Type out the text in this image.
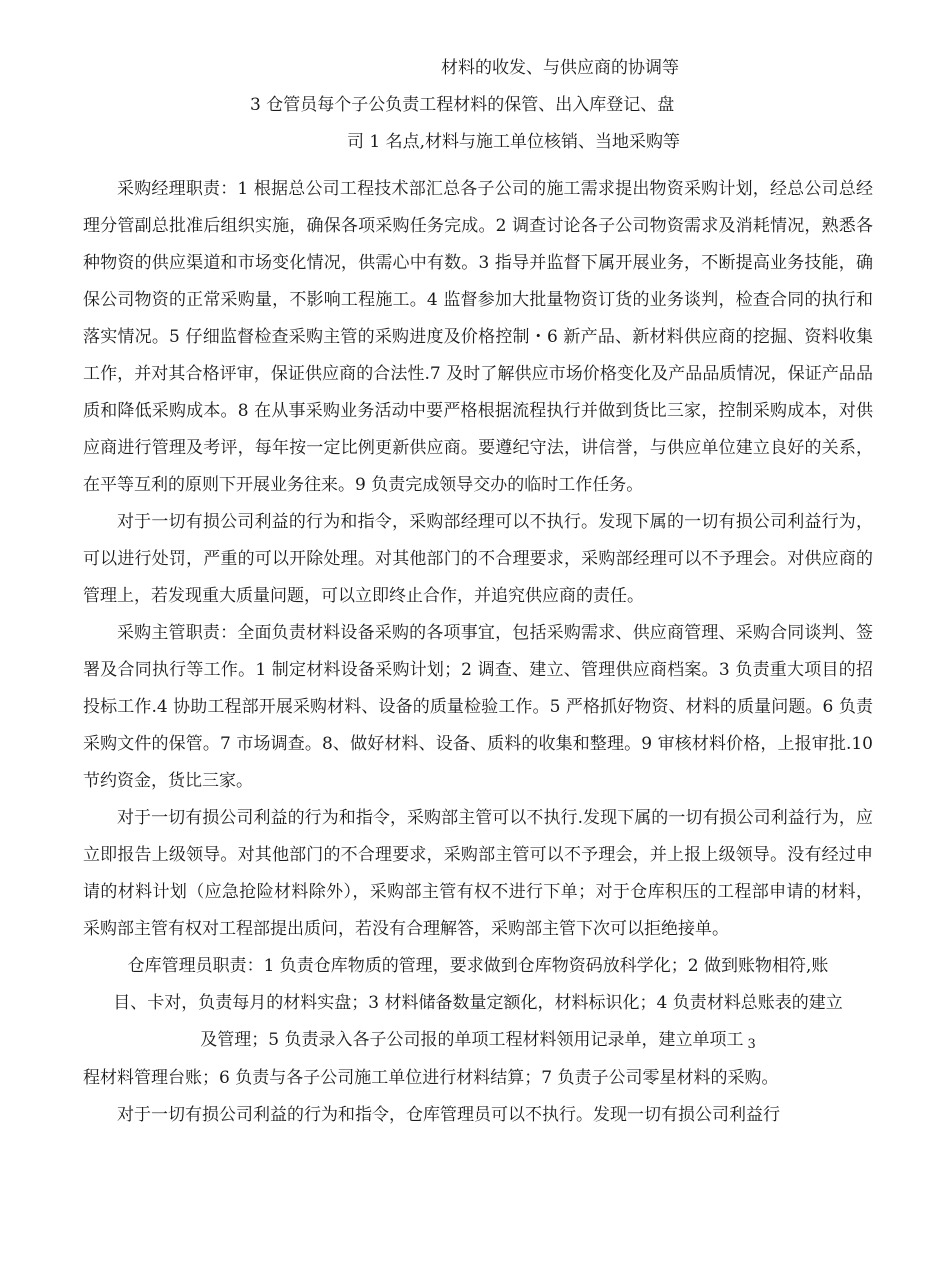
材料的收发、与供应商的协调等
3 仓管员每个子公负责工程材料的保管、出入库登记、盘
司 1 名点,材料与施工单位核销、当地采购等

采购经理职责：1 根据总公司工程技术部汇总各子公司的施工需求提出物资采购计划，经总公司总经理分管副总批准后组织实施，确保各项采购任务完成。2 调查讨论各子公司物资需求及消耗情况，熟悉各种物资的供应渠道和市场变化情况，供需心中有数。3 指导并监督下属开展业务，不断提高业务技能，确保公司物资的正常采购量，不影响工程施工。4 监督参加大批量物资订货的业务谈判，检查合同的执行和落实情况。5 仔细监督检查采购主管的采购进度及价格控制・6 新产品、新材料供应商的挖掘、资料收集工作，并对其合格评审，保证供应商的合法性.7 及时了解供应市场价格变化及产品品质情况，保证产品品质和降低采购成本。8 在从事采购业务活动中要严格根据流程执行并做到货比三家，控制采购成本，对供应商进行管理及考评，每年按一定比例更新供应商。要遵纪守法，讲信誉，与供应单位建立良好的关系，在平等互利的原则下开展业务往来。9 负责完成领导交办的临时工作任务。

对于一切有损公司利益的行为和指令，采购部经理可以不执行。发现下属的一切有损公司利益行为，可以进行处罚，严重的可以开除处理。对其他部门的不合理要求，采购部经理可以不予理会。对供应商的管理上，若发现重大质量问题，可以立即终止合作，并追究供应商的责任。

采购主管职责：全面负责材料设备采购的各项事宜，包括采购需求、供应商管理、采购合同谈判、签署及合同执行等工作。1 制定材料设备采购计划；2 调查、建立、管理供应商档案。3 负责重大项目的招投标工作.4 协助工程部开展采购材料、设备的质量检验工作。5 严格抓好物资、材料的质量问题。6 负责采购文件的保管。7 市场调查。8、做好材料、设备、质料的收集和整理。9 审核材料价格，上报审批.10 节约资金，货比三家。

对于一切有损公司利益的行为和指令，采购部主管可以不执行.发现下属的一切有损公司利益行为，应立即报告上级领导。对其他部门的不合理要求，采购部主管可以不予理会，并上报上级领导。没有经过申请的材料计划（应急抢险材料除外），采购部主管有权不进行下单；对于仓库积压的工程部申请的材料，采购部主管有权对工程部提出质问，若没有合理解答，采购部主管下次可以拒绝接单。

仓库管理员职责：1 负责仓库物质的管理，要求做到仓库物资码放科学化；2 做到账物相符,账
目、卡对，负责每月的材料实盘；3 材料储备数量定额化，材料标识化；4 负责材料总账表的建立
及管理；5 负责录入各子公司报的单项工程材料领用记录单，建立单项工 3
程材料管理台账；6 负责与各子公司施工单位进行材料结算；7 负责子公司零星材料的采购。

对于一切有损公司利益的行为和指令，仓库管理员可以不执行。发现一切有损公司利益行
